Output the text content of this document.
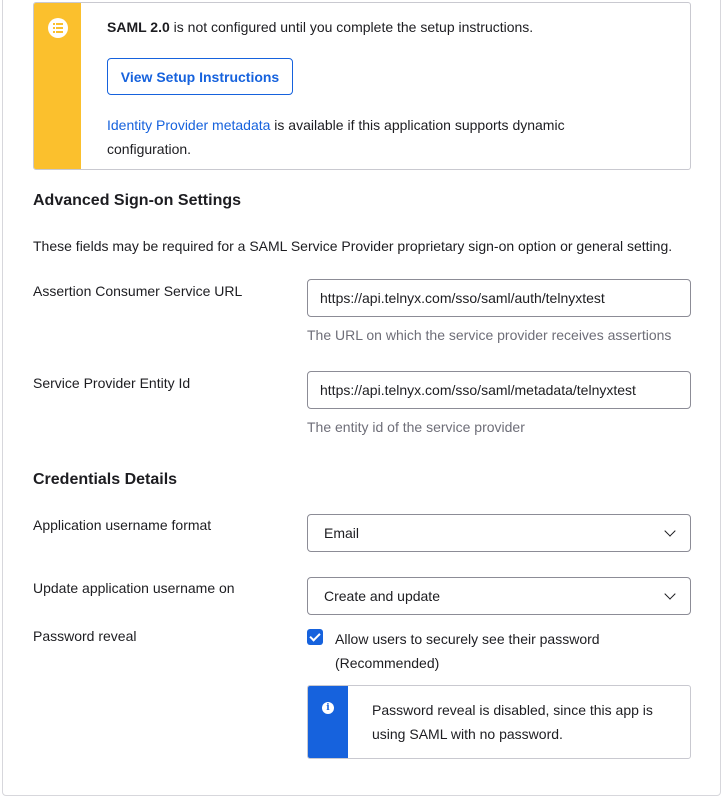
SAML 2.0 is not configured until you complete the setup instructions.
View Setup Instructions
Identity Provider metadata is available if this application supports dynamic configuration.
Advanced Sign-on Settings
These fields may be required for a SAML Service Provider proprietary sign-on option or general setting.
Assertion Consumer Service URL
https://api.telnyx.com/sso/saml/auth/telnyxtest
The URL on which the service provider receives assertions
Service Provider Entity Id
https://api.telnyx.com/sso/saml/metadata/telnyxtest
The entity id of the service provider
Credentials Details
Application username format	Email
Update application username on	Create and update
Password reveal	Allow users to securely see their password (Recommended)
i	Password reveal is disabled, since this app is using SAML with no password.
